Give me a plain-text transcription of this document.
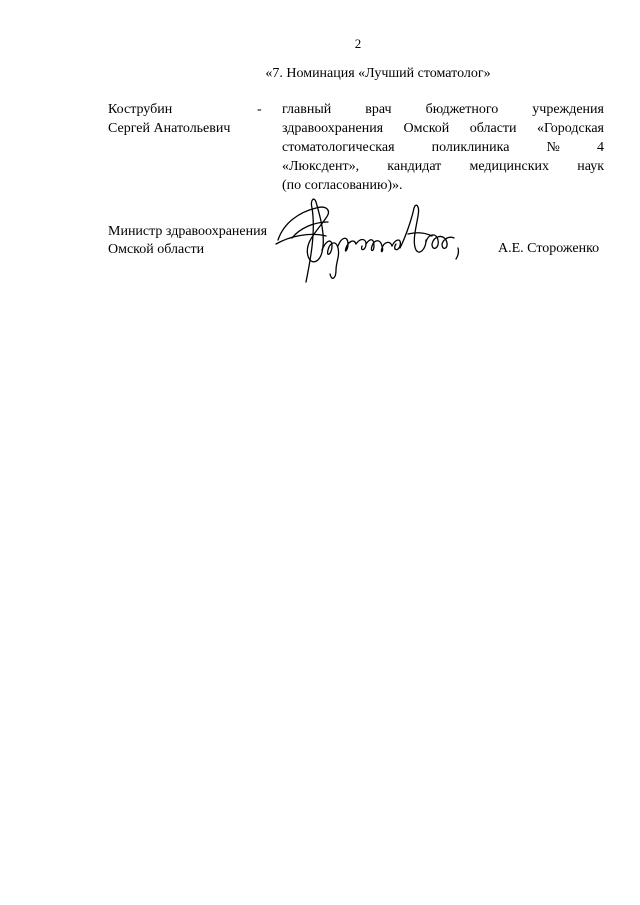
2
«7. Номинация «Лучший стоматолог»
Кострубин
Сергей Анатольевич
- главный врач бюджетного учреждения
здравоохранения Омской области «Городская
стоматологическая	поликлиника	№	4
«Люксдент», кандидат медицинских наук
(по согласованию)».
Министр здравоохранения
Омской области	А.Е. Стороженко
